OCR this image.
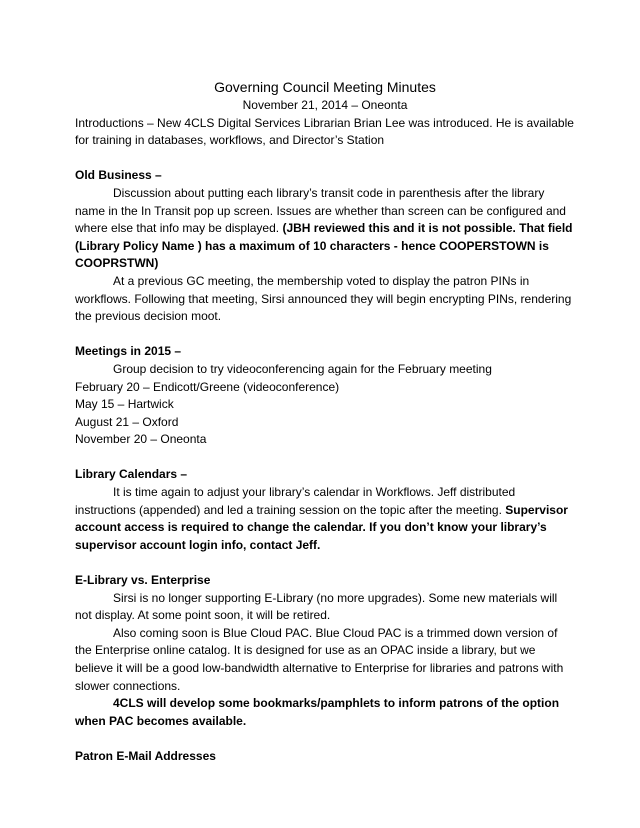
Governing Council Meeting Minutes
November 21, 2014 – Oneonta

Introductions – New 4CLS Digital Services Librarian Brian Lee was introduced. He is available for training in databases, workflows, and Director’s Station

Old Business –

Discussion about putting each library’s transit code in parenthesis after the library name in the In Transit pop up screen. Issues are whether than screen can be configured and where else that info may be displayed. (JBH reviewed this and it is not possible. That field (Library Policy Name ) has a maximum of 10 characters - hence COOPERSTOWN is COOPRSTWN)

At a previous GC meeting, the membership voted to display the patron PINs in workflows. Following that meeting, Sirsi announced they will begin encrypting PINs, rendering the previous decision moot.

Meetings in 2015 –

Group decision to try videoconferencing again for the February meeting

February 20 – Endicott/Greene (videoconference)

May 15 – Hartwick

August 21 – Oxford

November 20 – Oneonta

Library Calendars –

It is time again to adjust your library’s calendar in Workflows. Jeff distributed instructions (appended) and led a training session on the topic after the meeting. Supervisor account access is required to change the calendar. If you don’t know your library’s supervisor account login info, contact Jeff.

E-Library vs. Enterprise

Sirsi is no longer supporting E-Library (no more upgrades). Some new materials will not display. At some point soon, it will be retired.

Also coming soon is Blue Cloud PAC. Blue Cloud PAC is a trimmed down version of the Enterprise online catalog. It is designed for use as an OPAC inside a library, but we believe it will be a good low-bandwidth alternative to Enterprise for libraries and patrons with slower connections.

4CLS will develop some bookmarks/pamphlets to inform patrons of the option when PAC becomes available.

Patron E-Mail Addresses
